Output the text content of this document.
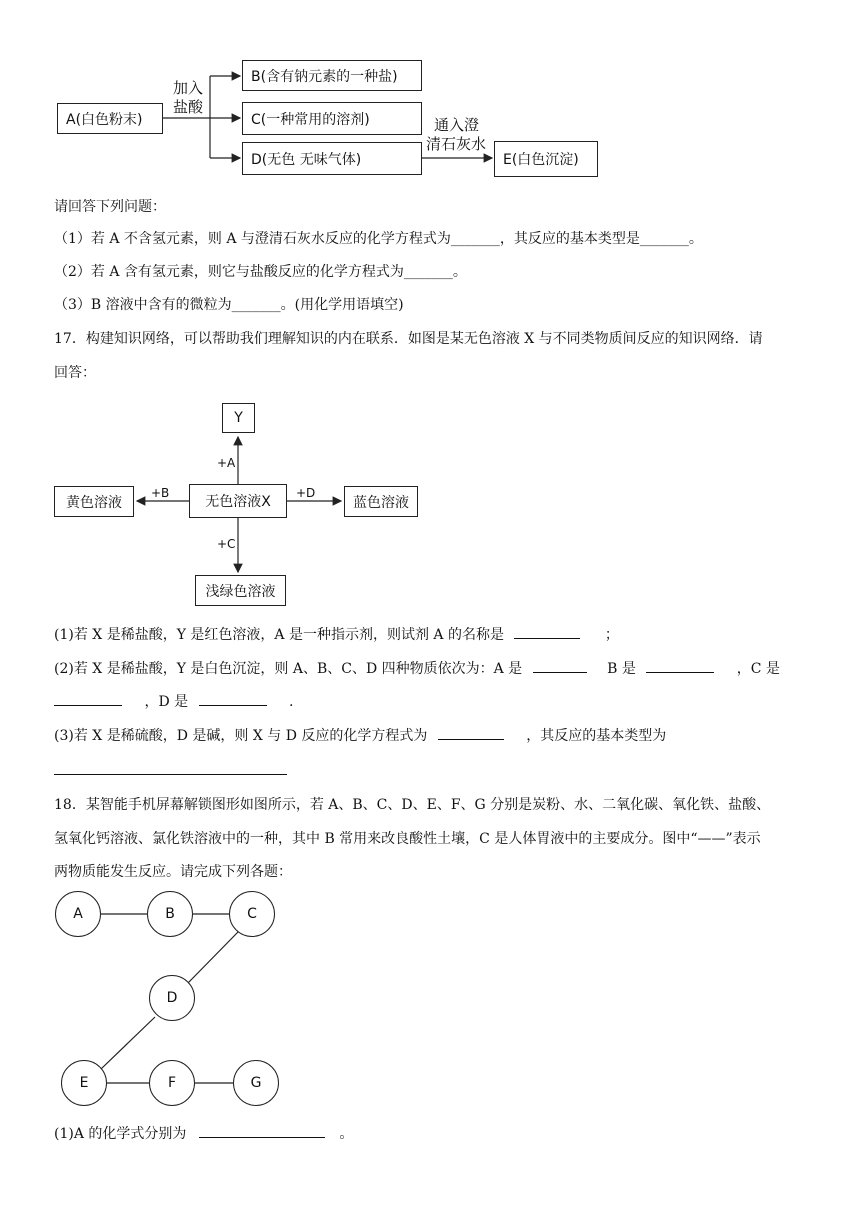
A(白色粉末)
B(含有钠元素的一种盐)
C(一种常用的溶剂)
D(无色 无味气体)	E(白色沉淀)
加入
盐酸
通入澄
清石灰水
请回答下列问题：
（1）若 A 不含氢元素，则 A 与澄清石灰水反应的化学方程式为_______，其反应的基本类型是_______。
（2）若 A 含有氢元素，则它与盐酸反应的化学方程式为_______。
（3）B 溶液中含有的微粒为_______。(用化学用语填空)
17．构建知识网络，可以帮助我们理解知识的内在联系．如图是某无色溶液 X 与不同类物质间反应的知识网络．请
回答：
Y
无色溶液X
黄色溶液	蓝色溶液
浅绿色溶液
+A
+B
+C
+D
(1)若 X 是稀盐酸，Y 是红色溶液，A 是一种指示剂，则试剂 A 的名称是	；
(2)若 X 是稀盐酸，Y 是白色沉淀，则 A、B、C、D 四种物质依次为：A 是	B 是	，C 是
，D 是	.
(3)若 X 是稀硫酸，D 是碱，则 X 与 D 反应的化学方程式为	，其反应的基本类型为
18．某智能手机屏幕解锁图形如图所示，若 A、B、C、D、E、F、G 分别是炭粉、水、二氧化碳、氧化铁、盐酸、
氢氧化钙溶液、氯化铁溶液中的一种，其中 B 常用来改良酸性土壤，C 是人体胃液中的主要成分。图中“——”表示
两物质能发生反应。请完成下列各题：
A	B	C
D
E	F	G
(1)A 的化学式分别为	。
